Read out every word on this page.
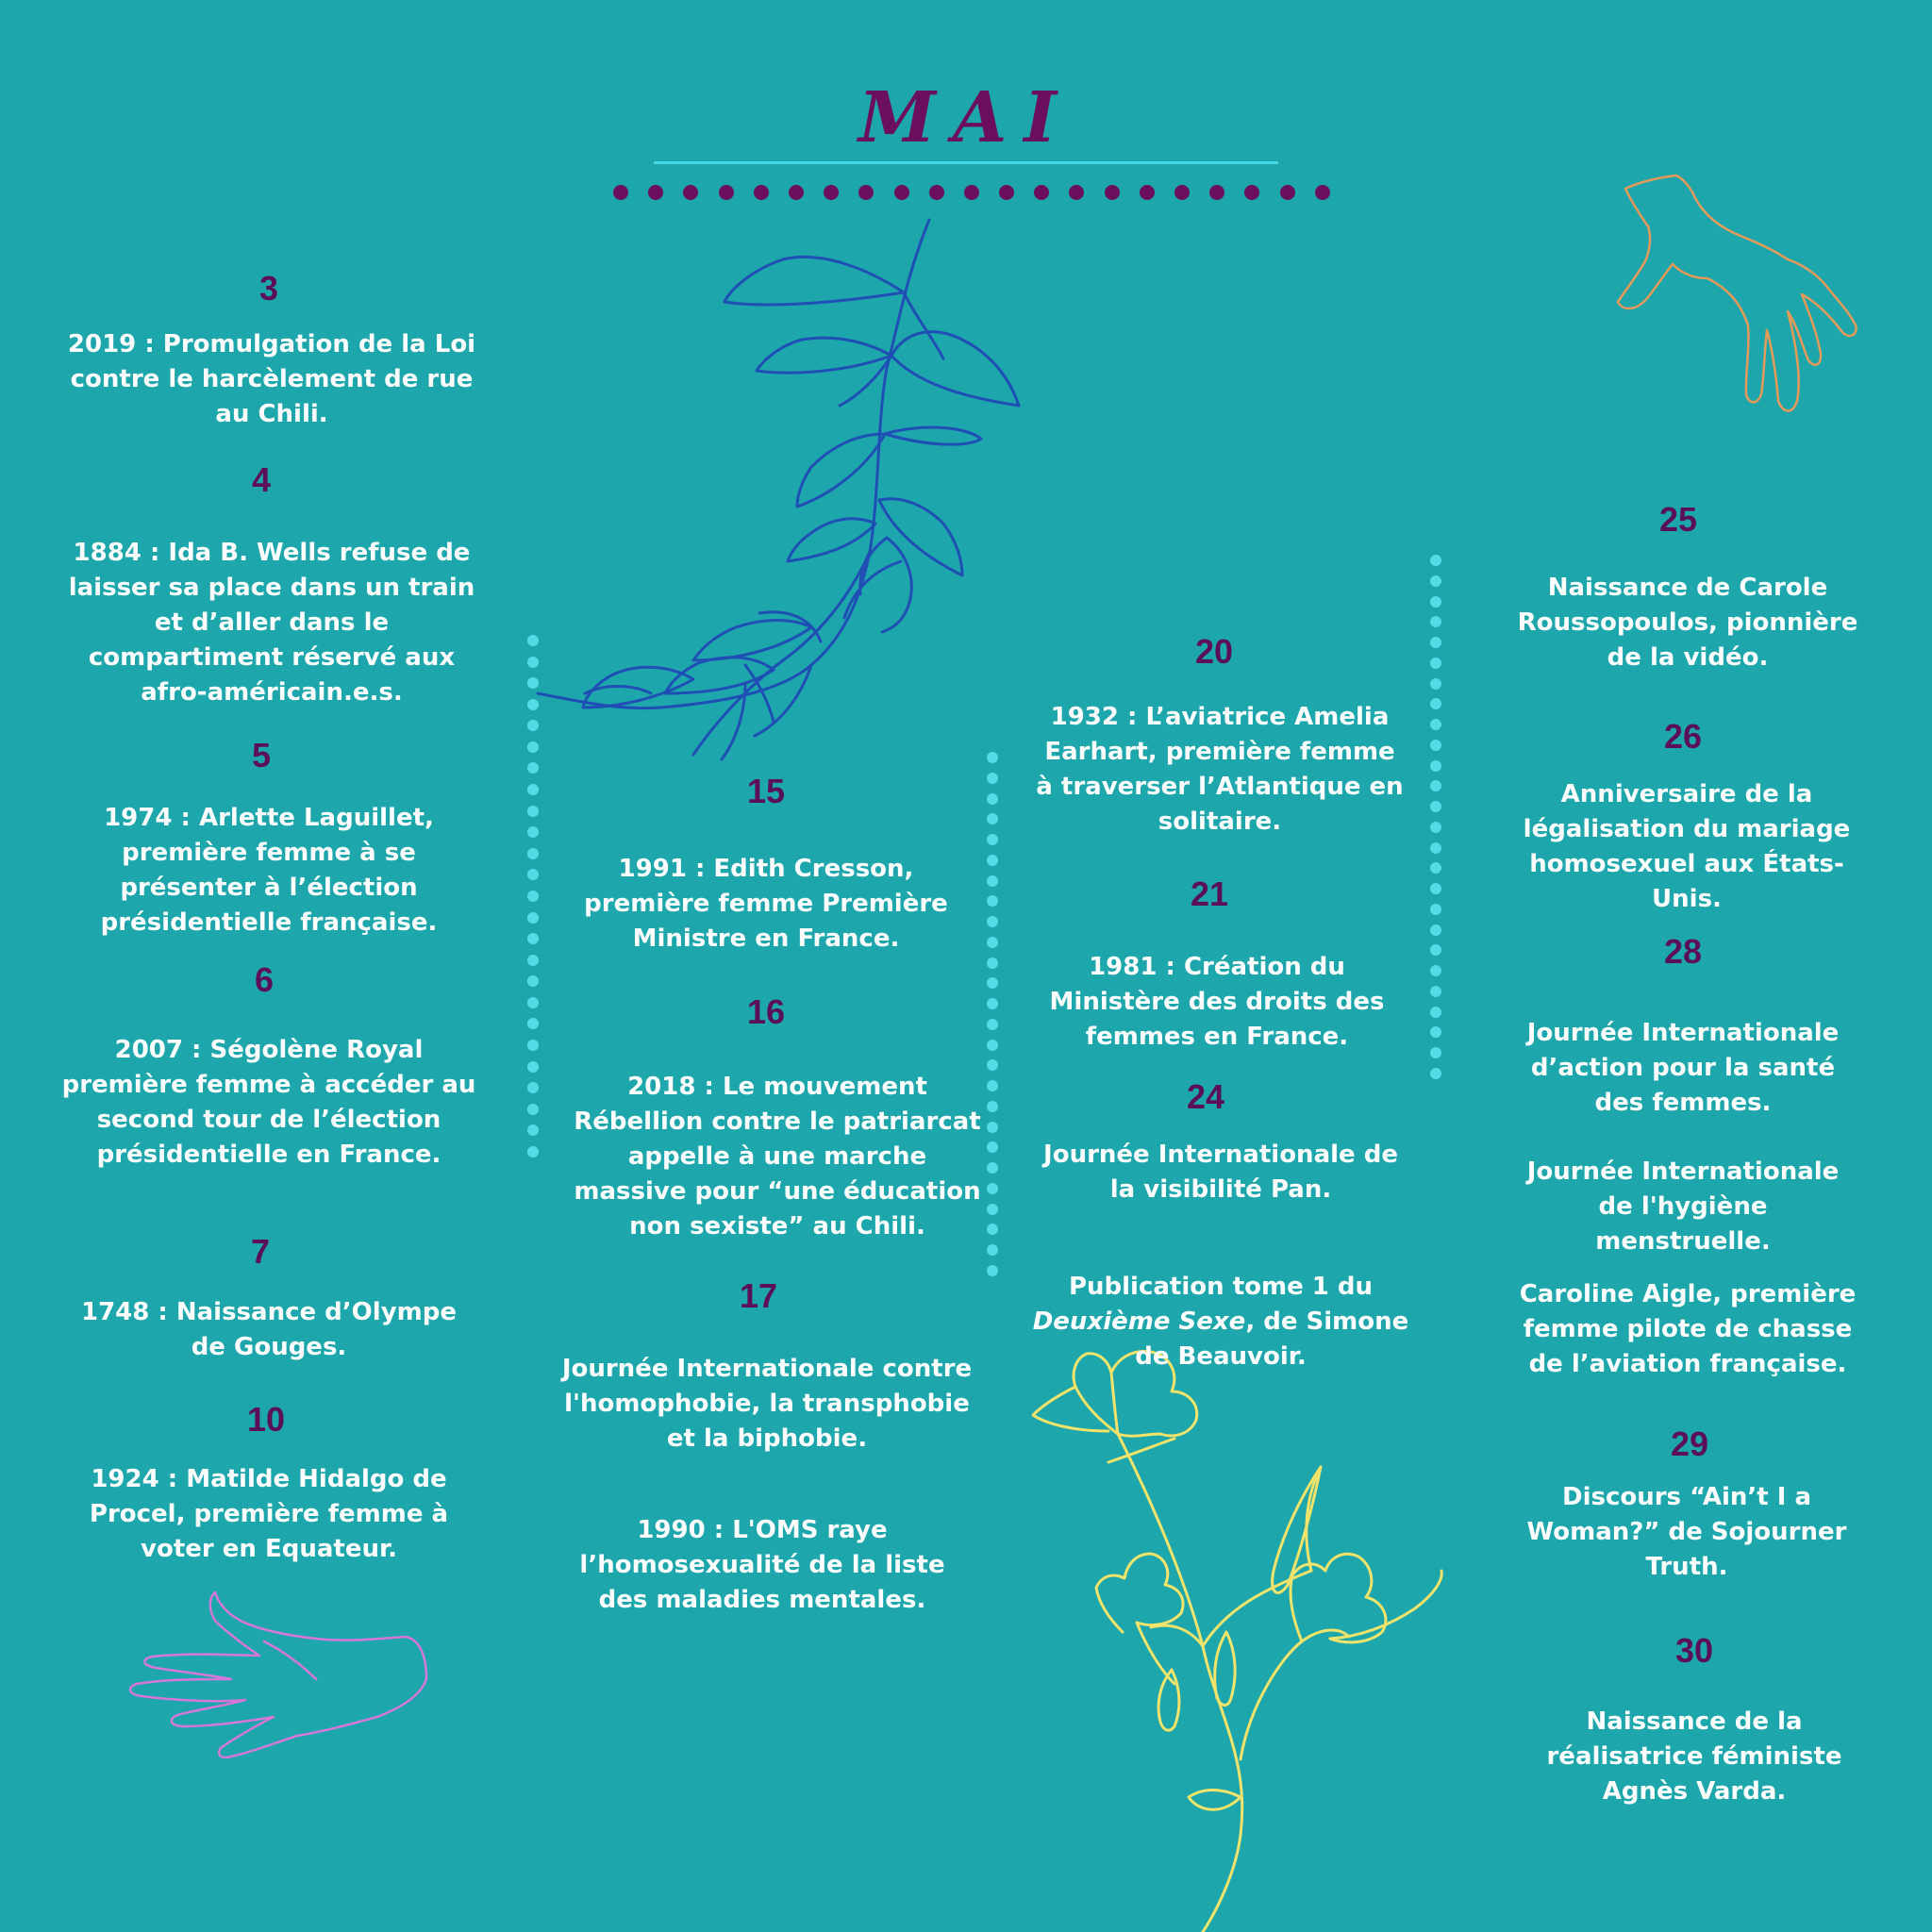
MAI
3
2019 : Promulgation de la Loi contre le harcèlement de rue au Chili.
4
1884 : Ida B. Wells refuse de laisser sa place dans un train et d’aller dans le compartiment réservé aux afro-américain.e.s.
5
1974 : Arlette Laguillet, première femme à se présenter à l’élection présidentielle française.
6
2007 : Ségolène Royal première femme à accéder au second tour de l’élection présidentielle en France.
7
1748 : Naissance d’Olympe de Gouges.
10
1924 : Matilde Hidalgo de Procel, première femme à voter en Equateur.
15
1991 : Edith Cresson, première femme Première Ministre en France.
16
2018 : Le mouvement Rébellion contre le patriarcat appelle à une marche massive pour “une éducation non sexiste” au Chili.
17
Journée Internationale contre l'homophobie, la transphobie et la biphobie.
1990 : L'OMS raye l’homosexualité de la liste des maladies mentales.
20
1932 : L’aviatrice Amelia Earhart, première femme à traverser l’Atlantique en solitaire.
21
1981 : Création du Ministère des droits des femmes en France.
24
Journée Internationale de la visibilité Pan.
Publication tome 1 du Deuxième Sexe, de Simone de Beauvoir.
25
Naissance de Carole Roussopoulos, pionnière de la vidéo.
26
Anniversaire de la légalisation du mariage homosexuel aux États-Unis.
28
Journée Internationale d’action pour la santé des femmes.
Journée Internationale de l'hygiène menstruelle.
Caroline Aigle, première femme pilote de chasse de l’aviation française.
29
Discours “Ain’t I a Woman?” de Sojourner Truth.
30
Naissance de la réalisatrice féministe Agnès Varda.
